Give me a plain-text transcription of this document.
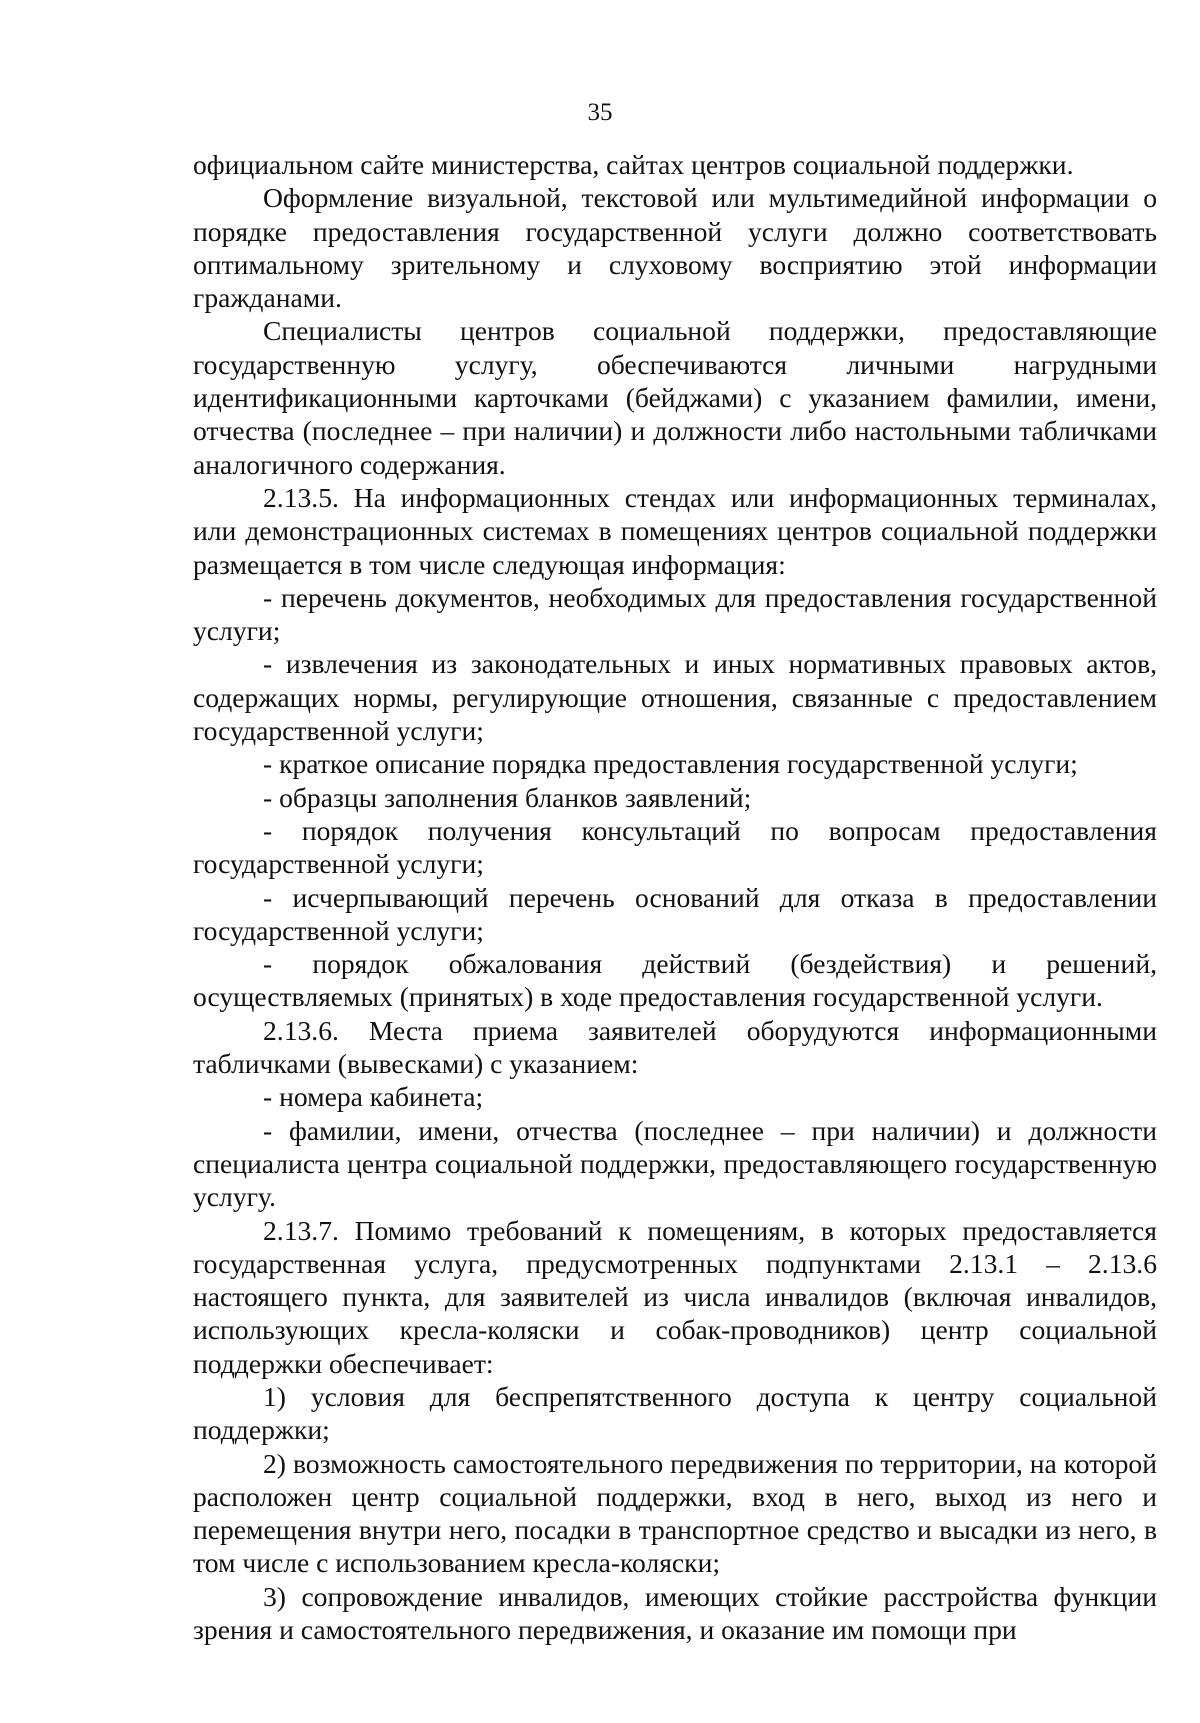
35

официальном сайте министерства, сайтах центров социальной поддержки.

Оформление визуальной, текстовой или мультимедийной информации о порядке предоставления государственной услуги должно соответствовать оптимальному зрительному и слуховому восприятию этой информации гражданами.

Специалисты центров социальной поддержки, предоставляющие государственную услугу, обеспечиваются личными нагрудными идентификационными карточками (бейджами) с указанием фамилии, имени, отчества (последнее – при наличии) и должности либо настольными табличками аналогичного содержания.

2.13.5. На информационных стендах или информационных терминалах, или демонстрационных системах в помещениях центров социальной поддержки размещается в том числе следующая информация:

- перечень документов, необходимых для предоставления государственной услуги;

- извлечения из законодательных и иных нормативных правовых актов, содержащих нормы, регулирующие отношения, связанные с предоставлением государственной услуги;

- краткое описание порядка предоставления государственной услуги;

- образцы заполнения бланков заявлений;

- порядок получения консультаций по вопросам предоставления государственной услуги;

- исчерпывающий перечень оснований для отказа в предоставлении государственной услуги;

- порядок обжалования действий (бездействия) и решений, осуществляемых (принятых) в ходе предоставления государственной услуги.

2.13.6. Места приема заявителей оборудуются информационными табличками (вывесками) с указанием:

- номера кабинета;

- фамилии, имени, отчества (последнее – при наличии) и должности специалиста центра социальной поддержки, предоставляющего государственную услугу.

2.13.7. Помимо требований к помещениям, в которых предоставляется государственная услуга, предусмотренных подпунктами 2.13.1 – 2.13.6 настоящего пункта, для заявителей из числа инвалидов (включая инвалидов, использующих кресла-коляски и собак-проводников) центр социальной поддержки обеспечивает:

1) условия для беспрепятственного доступа к центру социальной поддержки;

2) возможность самостоятельного передвижения по территории, на которой расположен центр социальной поддержки, вход в него, выход из него и перемещения внутри него, посадки в транспортное средство и высадки из него, в том числе с использованием кресла-коляски;

3) сопровождение инвалидов, имеющих стойкие расстройства функции зрения и самостоятельного передвижения, и оказание им помощи при
